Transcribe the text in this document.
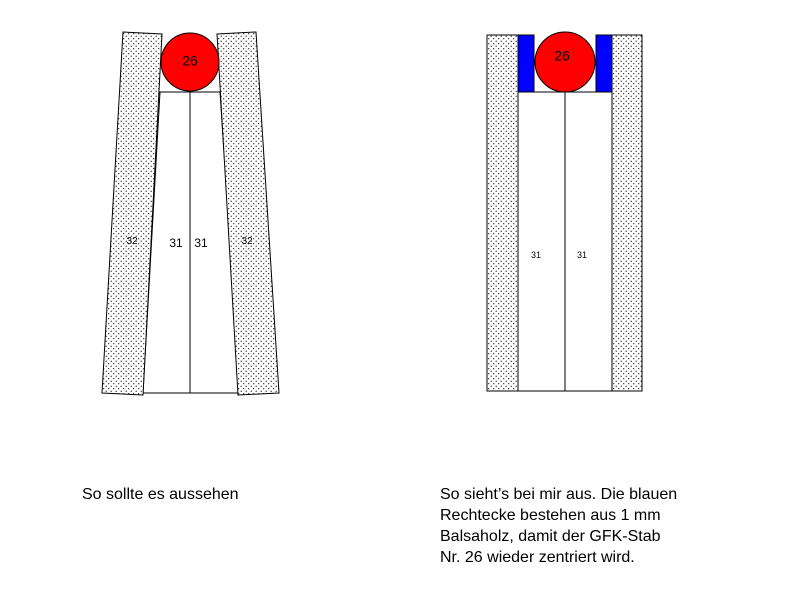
26
32	32
31 31
26
31	31
So sollte es aussehen	So sieht’s bei mir aus. Die blauen
Rechtecke bestehen aus 1 mm
Balsaholz, damit der GFK-Stab
Nr. 26 wieder zentriert wird.
